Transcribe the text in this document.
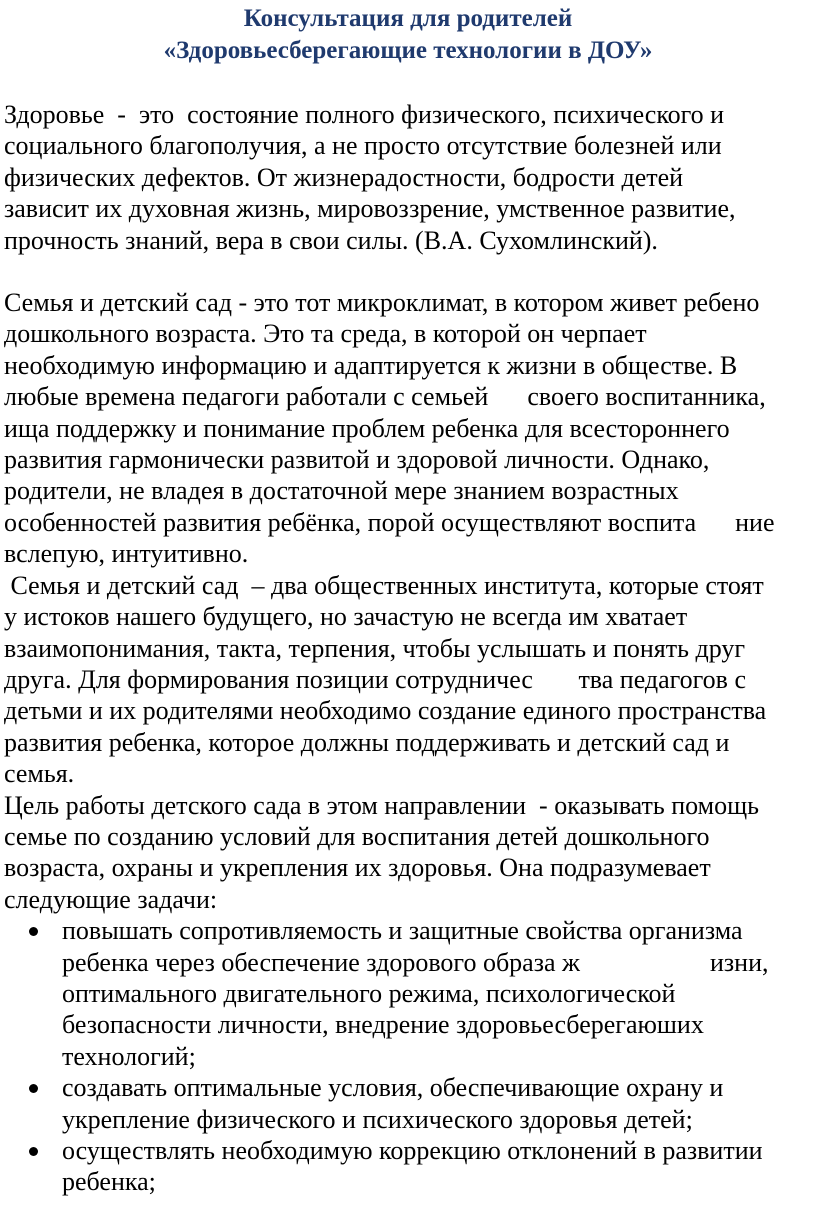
Консультация для родителей
«Здоровьесберегающие технологии в ДОУ»

Здоровье  -  это  состояние полного физического, психического и
социального благополучия, а не просто отсутствие болезней или
физических дефектов. От жизнерадостности, бодрости детей
зависит их духовная жизнь, мировоззрение, умственное развитие,
прочность знаний, вера в свои силы. (В.А. Сухомлинский).

Семья и детский сад - это тот микроклимат, в котором живет ребено
дошкольного возраста. Это та среда, в которой он черпает
необходимую информацию и адаптируется к жизни в обществе. В
любые времена педагоги работали с семьей      своего воспитанника,
ища поддержку и понимание проблем ребенка для всестороннего
развития гармонически развитой и здоровой личности. Однако,
родители, не владея в достаточной мере знанием возрастных
особенностей развития ребёнка, порой осуществляют воспита      ние
вслепую, интуитивно.

Семья и детский сад  – два общественных института, которые стоят
у истоков нашего будущего, но зачастую не всегда им хватает
взаимопонимания, такта, терпения, чтобы услышать и понять друг
друга. Для формирования позиции сотрудничес       тва педагогов с
детьми и их родителями необходимо создание единого пространства
развития ребенка, которое должны поддерживать и детский сад и
семья.

Цель работы детского сада в этом направлении  - оказывать помощь
семье по созданию условий для воспитания детей дошкольного
возраста, охраны и укрепления их здоровья. Она подразумевает
следующие задачи:

повышать сопротивляемость и защитные свойства организма
ребенка через обеспечение здорового образа ж                    изни,
оптимального двигательного режима, психологической
безопасности личности, внедрение здоровьесберегаюших
технологий;
создавать оптимальные условия, обеспечивающие охрану и
укрепление физического и психического здоровья детей;
осуществлять необходимую коррекцию отклонений в развитии
ребенка;
